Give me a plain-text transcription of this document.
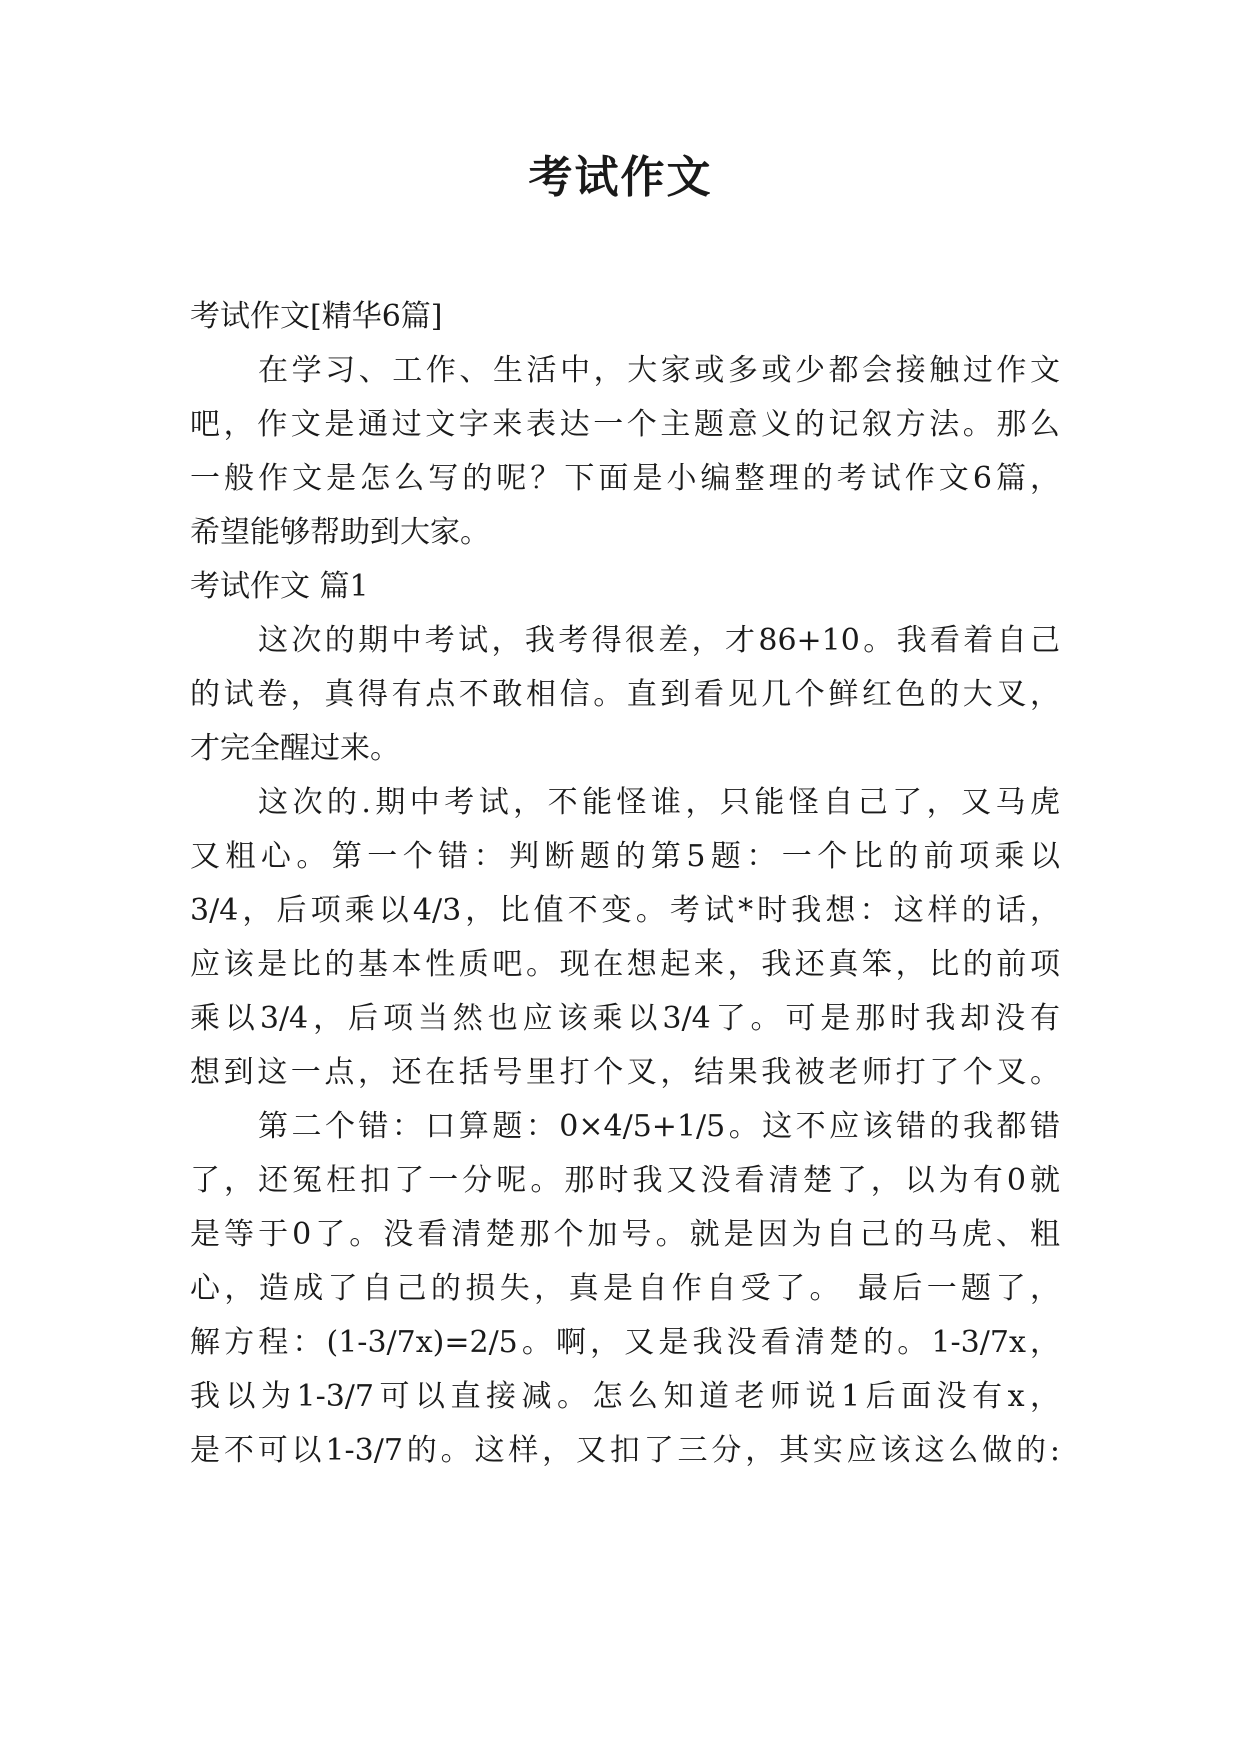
考试作文
考试作文[精华6篇]
在学习、工作、生活中，大家或多或少都会接触过作文
吧，作文是通过文字来表达一个主题意义的记叙方法。那么
一般作文是怎么写的呢？下面是小编整理的考试作文6篇，
希望能够帮助到大家。
考试作文 篇1
这次的期中考试，我考得很差，才86+10。我看着自己
的试卷，真得有点不敢相信。直到看见几个鲜红色的大叉，
才完全醒过来。
这次的.期中考试，不能怪谁，只能怪自己了，又马虎
又粗心。第一个错：判断题的第5题：一个比的前项乘以
3/4，后项乘以4/3，比值不变。考试*时我想：这样的话，
应该是比的基本性质吧。现在想起来，我还真笨，比的前项
乘以3/4，后项当然也应该乘以3/4了。可是那时我却没有
想到这一点，还在括号里打个叉，结果我被老师打了个叉。
第二个错：口算题：0×4/5+1/5。这不应该错的我都错
了，还冤枉扣了一分呢。那时我又没看清楚了，以为有0就
是等于0了。没看清楚那个加号。就是因为自己的马虎、粗
心，造成了自己的损失，真是自作自受了。 最后一题了，
解方程：(1-3/7x)=2/5。啊，又是我没看清楚的。1-3/7x，
我以为1-3/7可以直接减。怎么知道老师说1后面没有x，
是不可以1-3/7的。这样，又扣了三分，其实应该这么做的:
